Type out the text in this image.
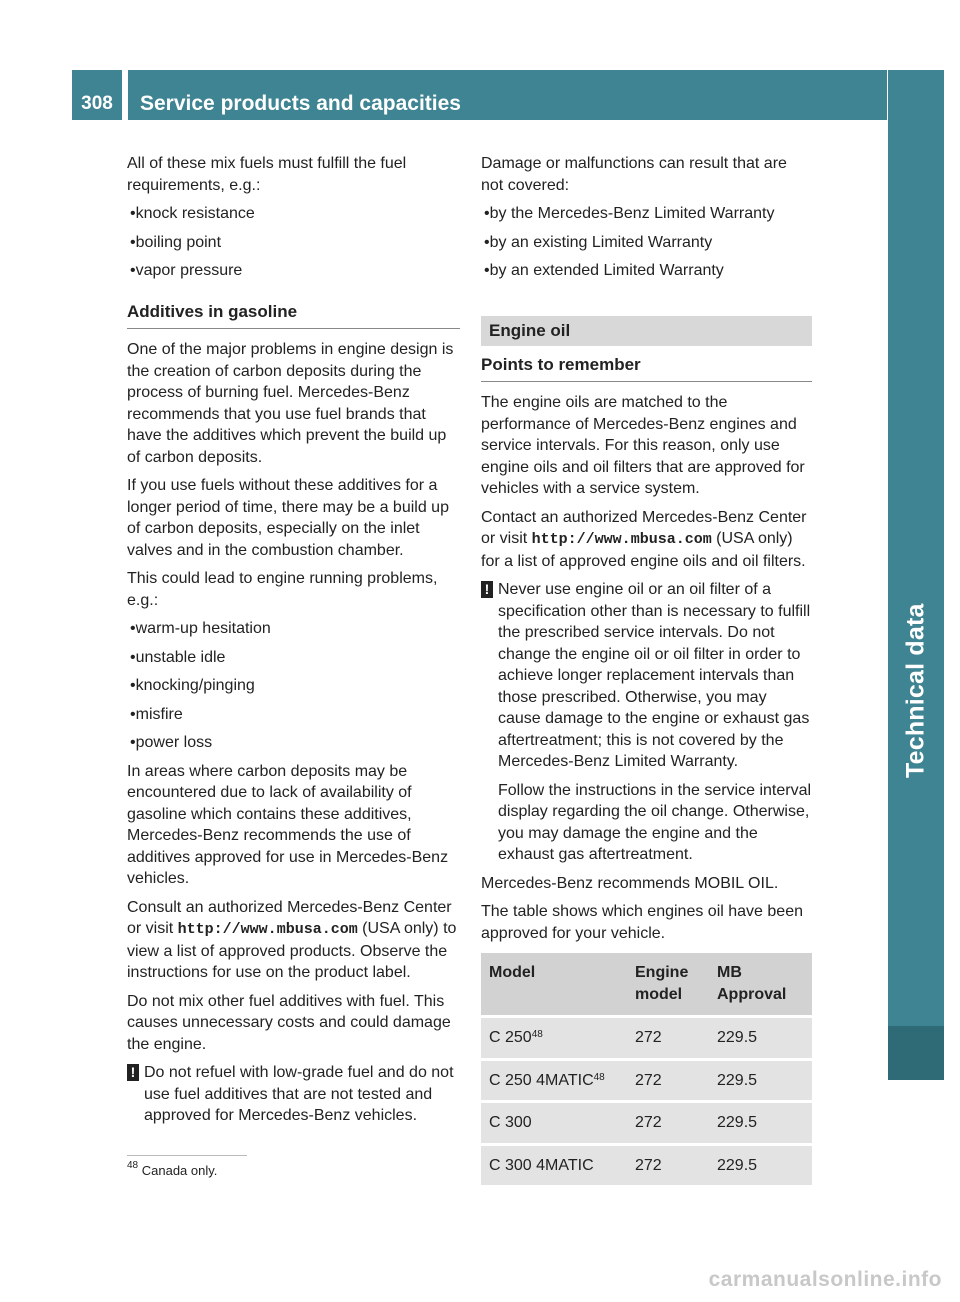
308	Service products and capacities
Technical data

All of these mix fuels must fulfill the fuel requirements, e.g.:

• knock resistance

• boiling point

• vapor pressure

Additives in gasoline

One of the major problems in engine design is the creation of carbon deposits during the process of burning fuel. Mercedes-Benz recommends that you use fuel brands that have the additives which prevent the build up of carbon deposits.

If you use fuels without these additives for a longer period of time, there may be a build up of carbon deposits, especially on the inlet valves and in the combustion chamber.

This could lead to engine running problems, e.g.:

• warm-up hesitation

• unstable idle

• knocking/pinging

• misfire

• power loss

In areas where carbon deposits may be encountered due to lack of availability of gasoline which contains these additives, Mercedes-Benz recommends the use of additives approved for use in Mercedes-Benz vehicles.

Consult an authorized Mercedes-Benz Center or visit http://www.mbusa.com (USA only) to view a list of approved products. Observe the instructions for use on the product label.

Do not mix other fuel additives with fuel. This causes unnecessary costs and could damage the engine.

! Do not refuel with low-grade fuel and do not use fuel additives that are not tested and approved for Mercedes-Benz vehicles.

Damage or malfunctions can result that are not covered:

• by the Mercedes-Benz Limited Warranty

• by an existing Limited Warranty

• by an extended Limited Warranty

Engine oil
Points to remember

The engine oils are matched to the performance of Mercedes-Benz engines and service intervals. For this reason, only use engine oils and oil filters that are approved for vehicles with a service system.

Contact an authorized Mercedes-Benz Center or visit http://www.mbusa.com (USA only) for a list of approved engine oils and oil filters.

! Never use engine oil or an oil filter of a specification other than is necessary to fulfill the prescribed service intervals. Do not change the engine oil or oil filter in order to achieve longer replacement intervals than those prescribed. Otherwise, you may cause damage to the engine or exhaust gas aftertreatment; this is not covered by the Mercedes-Benz Limited Warranty.

Follow the instructions in the service interval display regarding the oil change. Otherwise, you may damage the engine and the exhaust gas aftertreatment.

Mercedes-Benz recommends MOBIL OIL.

The table shows which engines oil have been approved for your vehicle.

Model	Engine model	MB Approval
C $250^{48}$	272	229.5
C 250 4MATIC$^{48}$	272	229.5
C 300	272	229.5
C 300 4MATIC	272	229.5
$^{48}$ Canada only.
carmanualsonline.info
